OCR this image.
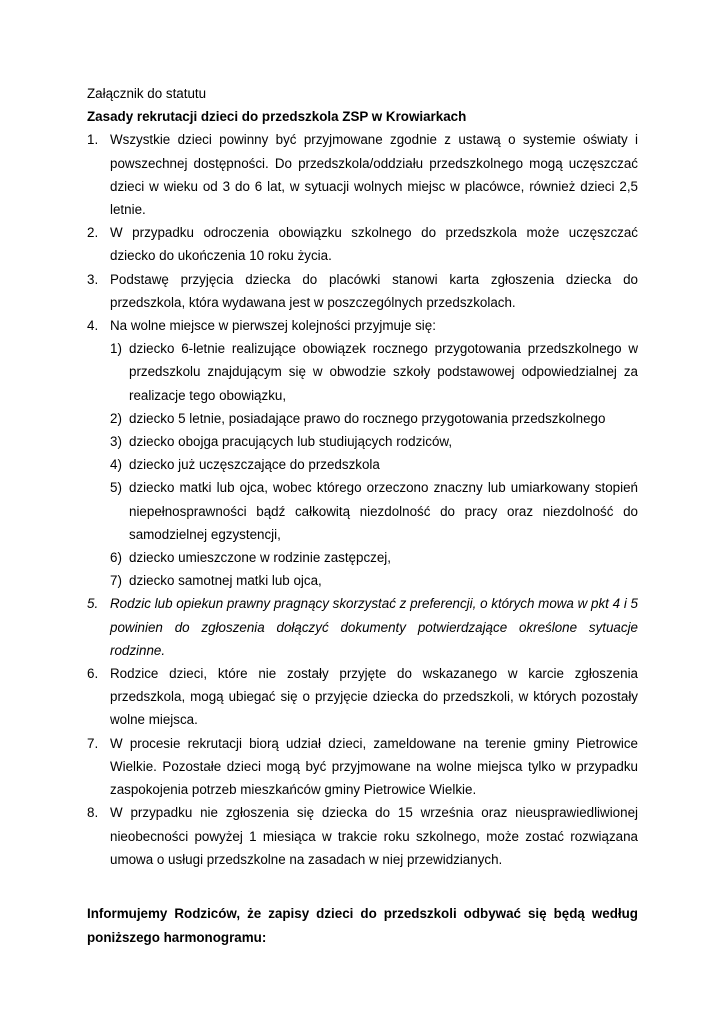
Załącznik do statutu

Zasady rekrutacji dzieci do przedszkola ZSP w Krowiarkach

1. Wszystkie dzieci powinny być przyjmowane zgodnie z ustawą o systemie oświaty i powszechnej dostępności. Do przedszkola/oddziału przedszkolnego mogą uczęszczać dzieci w wieku od 3 do 6 lat, w sytuacji wolnych miejsc w placówce, również dzieci 2,5 letnie.
2. W przypadku odroczenia obowiązku szkolnego do przedszkola może uczęszczać dziecko do ukończenia 10 roku życia.
3. Podstawę przyjęcia dziecka do placówki stanowi karta zgłoszenia dziecka do przedszkola, która wydawana jest w poszczególnych przedszkolach.
4. Na wolne miejsce w pierwszej kolejności przyjmuje się:
1) dziecko 6-letnie realizujące obowiązek rocznego przygotowania przedszkolnego w przedszkolu znajdującym się w obwodzie szkoły podstawowej odpowiedzialnej za realizacje tego obowiązku,
2) dziecko 5 letnie, posiadające prawo do rocznego przygotowania przedszkolnego
3) dziecko obojga pracujących lub studiujących rodziców,
4) dziecko już uczęszczające do przedszkola
5) dziecko matki lub ojca, wobec którego orzeczono znaczny lub umiarkowany stopień niepełnosprawności bądź całkowitą niezdolność do pracy oraz niezdolność do samodzielnej egzystencji,
6) dziecko umieszczone w rodzinie zastępczej,
7) dziecko samotnej matki lub ojca,
5. Rodzic lub opiekun prawny pragnący skorzystać z preferencji, o których mowa w pkt 4 i 5 powinien do zgłoszenia dołączyć dokumenty potwierdzające określone sytuacje rodzinne.
6. Rodzice dzieci, które nie zostały przyjęte do wskazanego w karcie zgłoszenia przedszkola, mogą ubiegać się o przyjęcie dziecka do przedszkoli, w których pozostały wolne miejsca.
7. W procesie rekrutacji biorą udział dzieci, zameldowane na terenie gminy Pietrowice Wielkie. Pozostałe dzieci mogą być przyjmowane na wolne miejsca tylko w przypadku zaspokojenia potrzeb mieszkańców gminy Pietrowice Wielkie.
8. W przypadku nie zgłoszenia się dziecka do 15 września oraz nieusprawiedliwionej nieobecności powyżej 1 miesiąca w trakcie roku szkolnego, może zostać rozwiązana umowa o usługi przedszkolne na zasadach w niej przewidzianych.

Informujemy Rodziców, że zapisy dzieci do przedszkoli odbywać się będą według poniższego harmonogramu:
